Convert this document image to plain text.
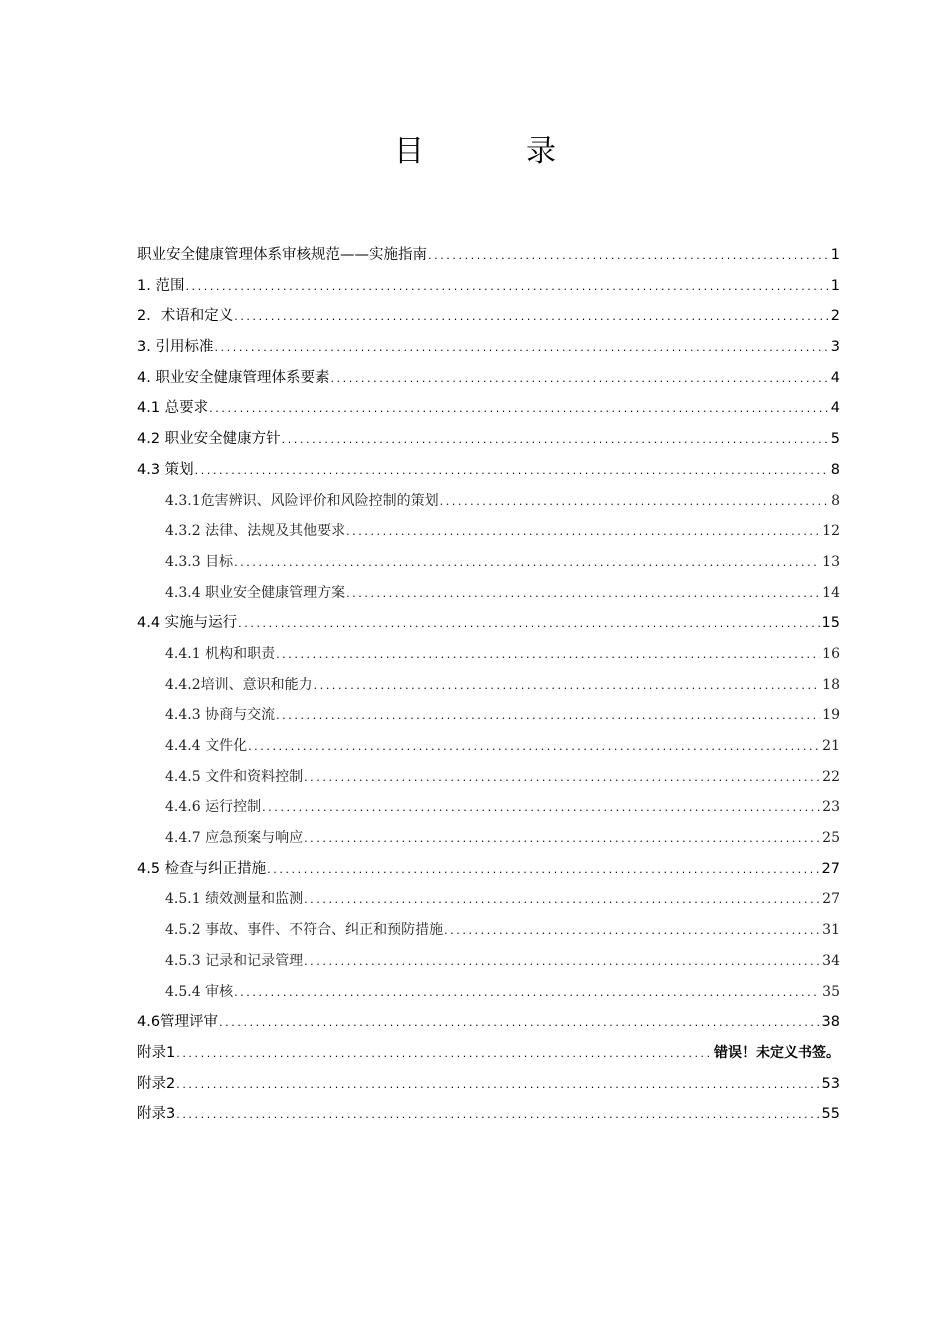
目　录
职业安全健康管理体系审核规范——实施指南 .....	1
1. 范围 .....	1
2．术语和定义 .....	2
3. 引用标准 .....	3
4. 职业安全健康管理体系要素 .....	4
4.1 总要求 .....	4
4.2 职业安全健康方针 .....	5
4.3 策划 .....	8
4.3.1危害辨识、风险评价和风险控制的策划 .....	8
4.3.2 法律、法规及其他要求 .....	12
4.3.3 目标 .....	13
4.3.4 职业安全健康管理方案 .....	14
4.4 实施与运行 .....	15
4.4.1 机构和职责 .....	16
4.4.2培训、意识和能力 .....	18
4.4.3 协商与交流 .....	19
4.4.4 文件化 .....	21
4.4.5 文件和资料控制 .....	22
4.4.6 运行控制 .....	23
4.4.7 应急预案与响应 .....	25
4.5 检查与纠正措施 .....	27
4.5.1 绩效测量和监测 .....	27
4.5.2 事故、事件、不符合、纠正和预防措施 .....	31
4.5.3 记录和记录管理 .....	34
4.5.4 审核 .....	35
4.6管理评审 .....	38
附录1 .....	错误！未定义书签。
附录2 .....	53
附录3 .....	55
